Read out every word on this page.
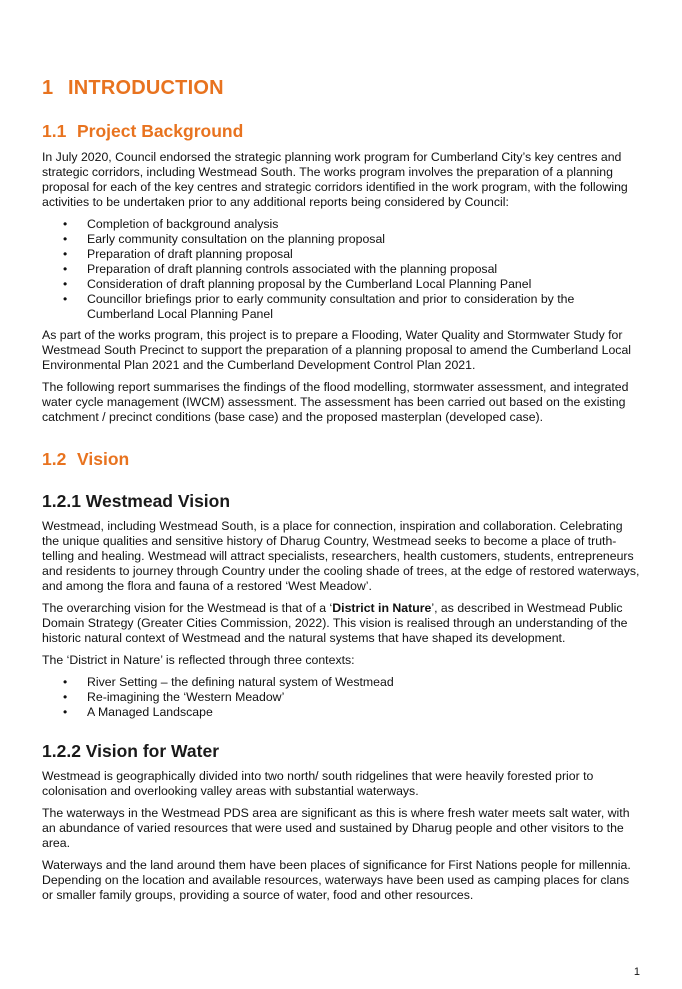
1 INTRODUCTION
1.1 Project Background

In July 2020, Council endorsed the strategic planning work program for Cumberland City’s key centres and strategic corridors, including Westmead South. The works program involves the preparation of a planning proposal for each of the key centres and strategic corridors identified in the work program, with the following activities to be undertaken prior to any additional reports being considered by Council:

• Completion of background analysis
• Early community consultation on the planning proposal
• Preparation of draft planning proposal
• Preparation of draft planning controls associated with the planning proposal
• Consideration of draft planning proposal by the Cumberland Local Planning Panel
• Councillor briefings prior to early community consultation and prior to consideration by the Cumberland Local Planning Panel

As part of the works program, this project is to prepare a Flooding, Water Quality and Stormwater Study for Westmead South Precinct to support the preparation of a planning proposal to amend the Cumberland Local Environmental Plan 2021 and the Cumberland Development Control Plan 2021.

The following report summarises the findings of the flood modelling, stormwater assessment, and integrated water cycle management (IWCM) assessment. The assessment has been carried out based on the existing catchment / precinct conditions (base case) and the proposed masterplan (developed case).

1.2 Vision
1.2.1 Westmead Vision

Westmead, including Westmead South, is a place for connection, inspiration and collaboration. Celebrating the unique qualities and sensitive history of Dharug Country, Westmead seeks to become a place of truth-telling and healing. Westmead will attract specialists, researchers, health customers, students, entrepreneurs and residents to journey through Country under the cooling shade of trees, at the edge of restored waterways, and among the flora and fauna of a restored ‘West Meadow’.

The overarching vision for the Westmead is that of a ‘District in Nature’, as described in Westmead Public Domain Strategy (Greater Cities Commission, 2022). This vision is realised through an understanding of the historic natural context of Westmead and the natural systems that have shaped its development.

The ‘District in Nature’ is reflected through three contexts:

• River Setting – the defining natural system of Westmead
• Re-imagining the ‘Western Meadow’
• A Managed Landscape
1.2.2 Vision for Water

Westmead is geographically divided into two north/ south ridgelines that were heavily forested prior to colonisation and overlooking valley areas with substantial waterways.

The waterways in the Westmead PDS area are significant as this is where fresh water meets salt water, with an abundance of varied resources that were used and sustained by Dharug people and other visitors to the area.

Waterways and the land around them have been places of significance for First Nations people for millennia. Depending on the location and available resources, waterways have been used as camping places for clans or smaller family groups, providing a source of water, food and other resources.

1
